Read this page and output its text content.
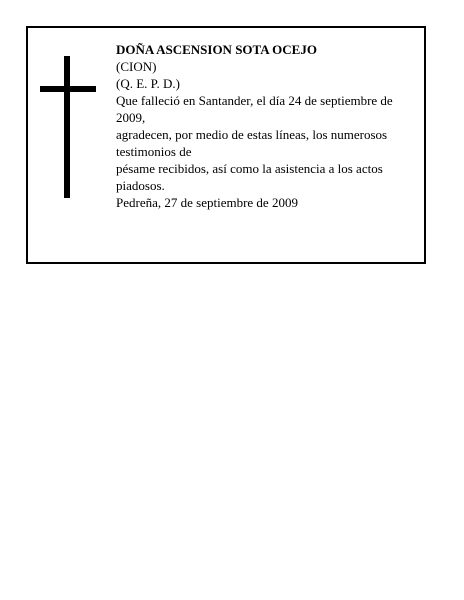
DOÑA ASCENSION SOTA OCEJO
(CION)
(Q. E. P. D.)
Que falleció en Santander, el día 24 de septiembre de 2009,
agradecen, por medio de estas líneas, los numerosos testimonios de
pésame recibidos, así como la asistencia a los actos piadosos.
Pedreña, 27 de septiembre de 2009
